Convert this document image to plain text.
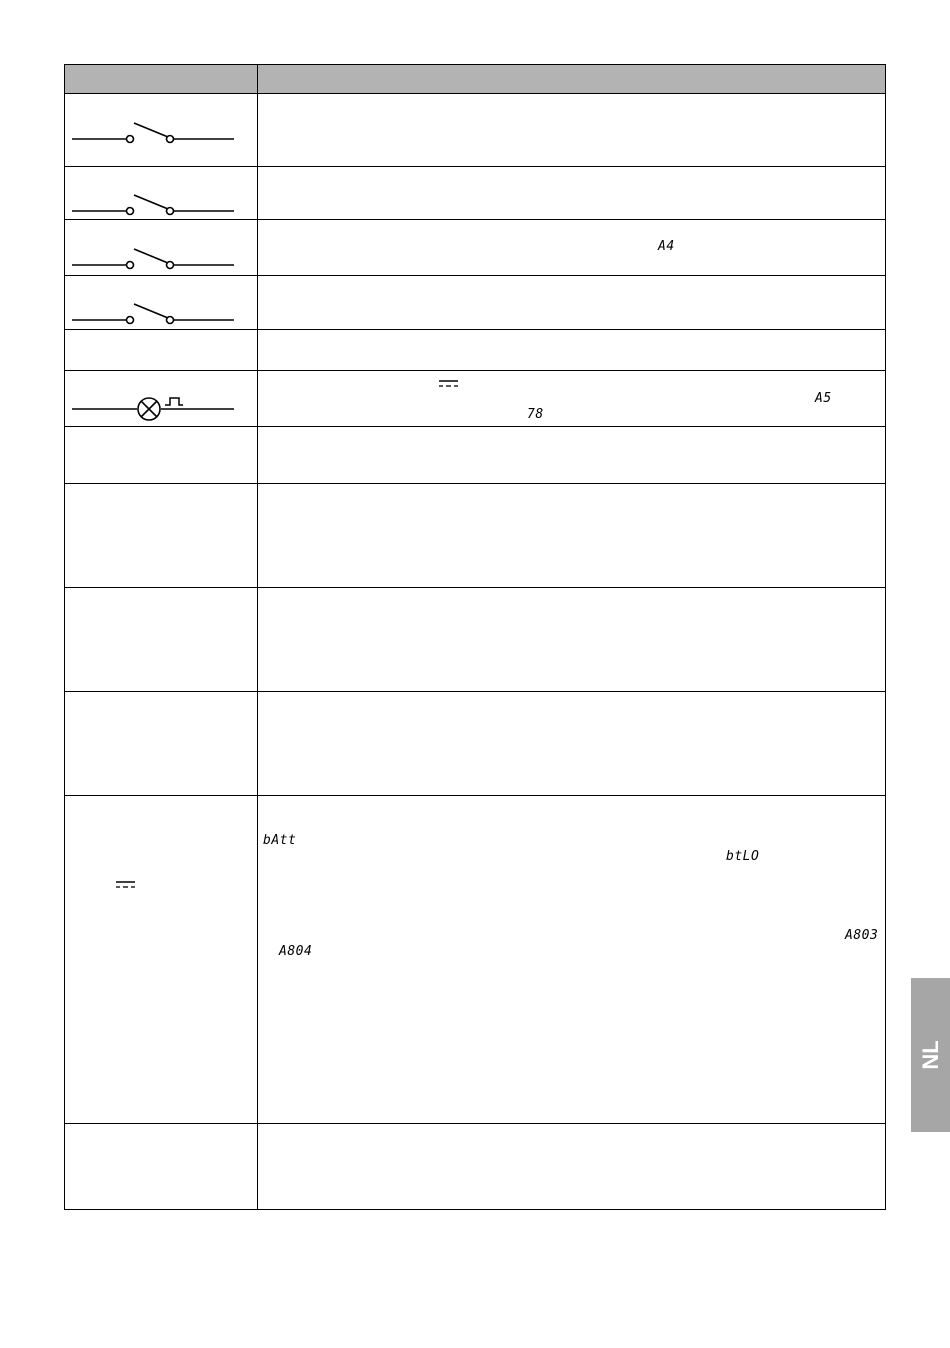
A4
A5
78
bAtt
btLO
A803
A804
NL
